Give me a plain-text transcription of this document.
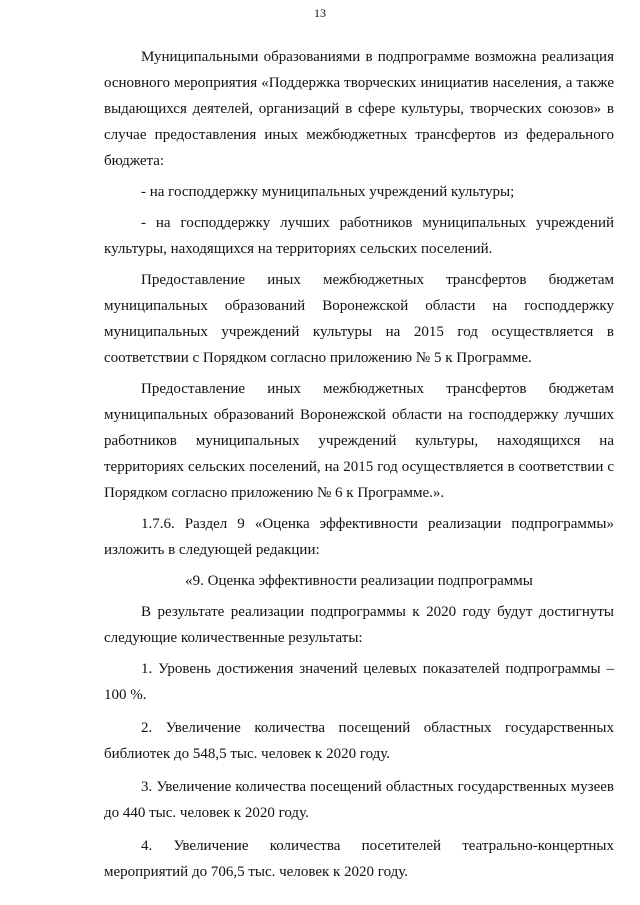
13

Муниципальными образованиями в подпрограмме возможна реализация основного мероприятия «Поддержка творческих инициатив населения, а также выдающихся деятелей, организаций в сфере культуры, творческих союзов» в случае предоставления иных межбюджетных трансфертов из федерального бюджета:

- на господдержку муниципальных учреждений культуры;

- на господдержку лучших работников муниципальных учреждений культуры, находящихся на территориях сельских поселений.

Предоставление иных межбюджетных трансфертов бюджетам муниципальных образований Воронежской области на господдержку муниципальных учреждений культуры на 2015 год осуществляется в соответствии с Порядком согласно приложению № 5 к Программе.

Предоставление иных межбюджетных трансфертов бюджетам муниципальных образований Воронежской области на господдержку лучших работников муниципальных учреждений культуры, находящихся на территориях сельских поселений, на 2015 год осуществляется в соответствии с Порядком согласно приложению № 6 к Программе.».

1.7.6. Раздел 9 «Оценка эффективности реализации подпрограммы» изложить в следующей редакции:

«9. Оценка эффективности реализации подпрограммы

В результате реализации подпрограммы к 2020 году будут достигнуты следующие количественные результаты:

1. Уровень достижения значений целевых показателей подпрограммы – 100 %.

2. Увеличение количества посещений областных государственных библиотек до 548,5 тыс. человек к 2020 году.

3. Увеличение количества посещений областных государственных музеев до 440 тыс. человек к 2020 году.

4. Увеличение количества посетителей театрально-концертных мероприятий до 706,5 тыс. человек к 2020 году.
